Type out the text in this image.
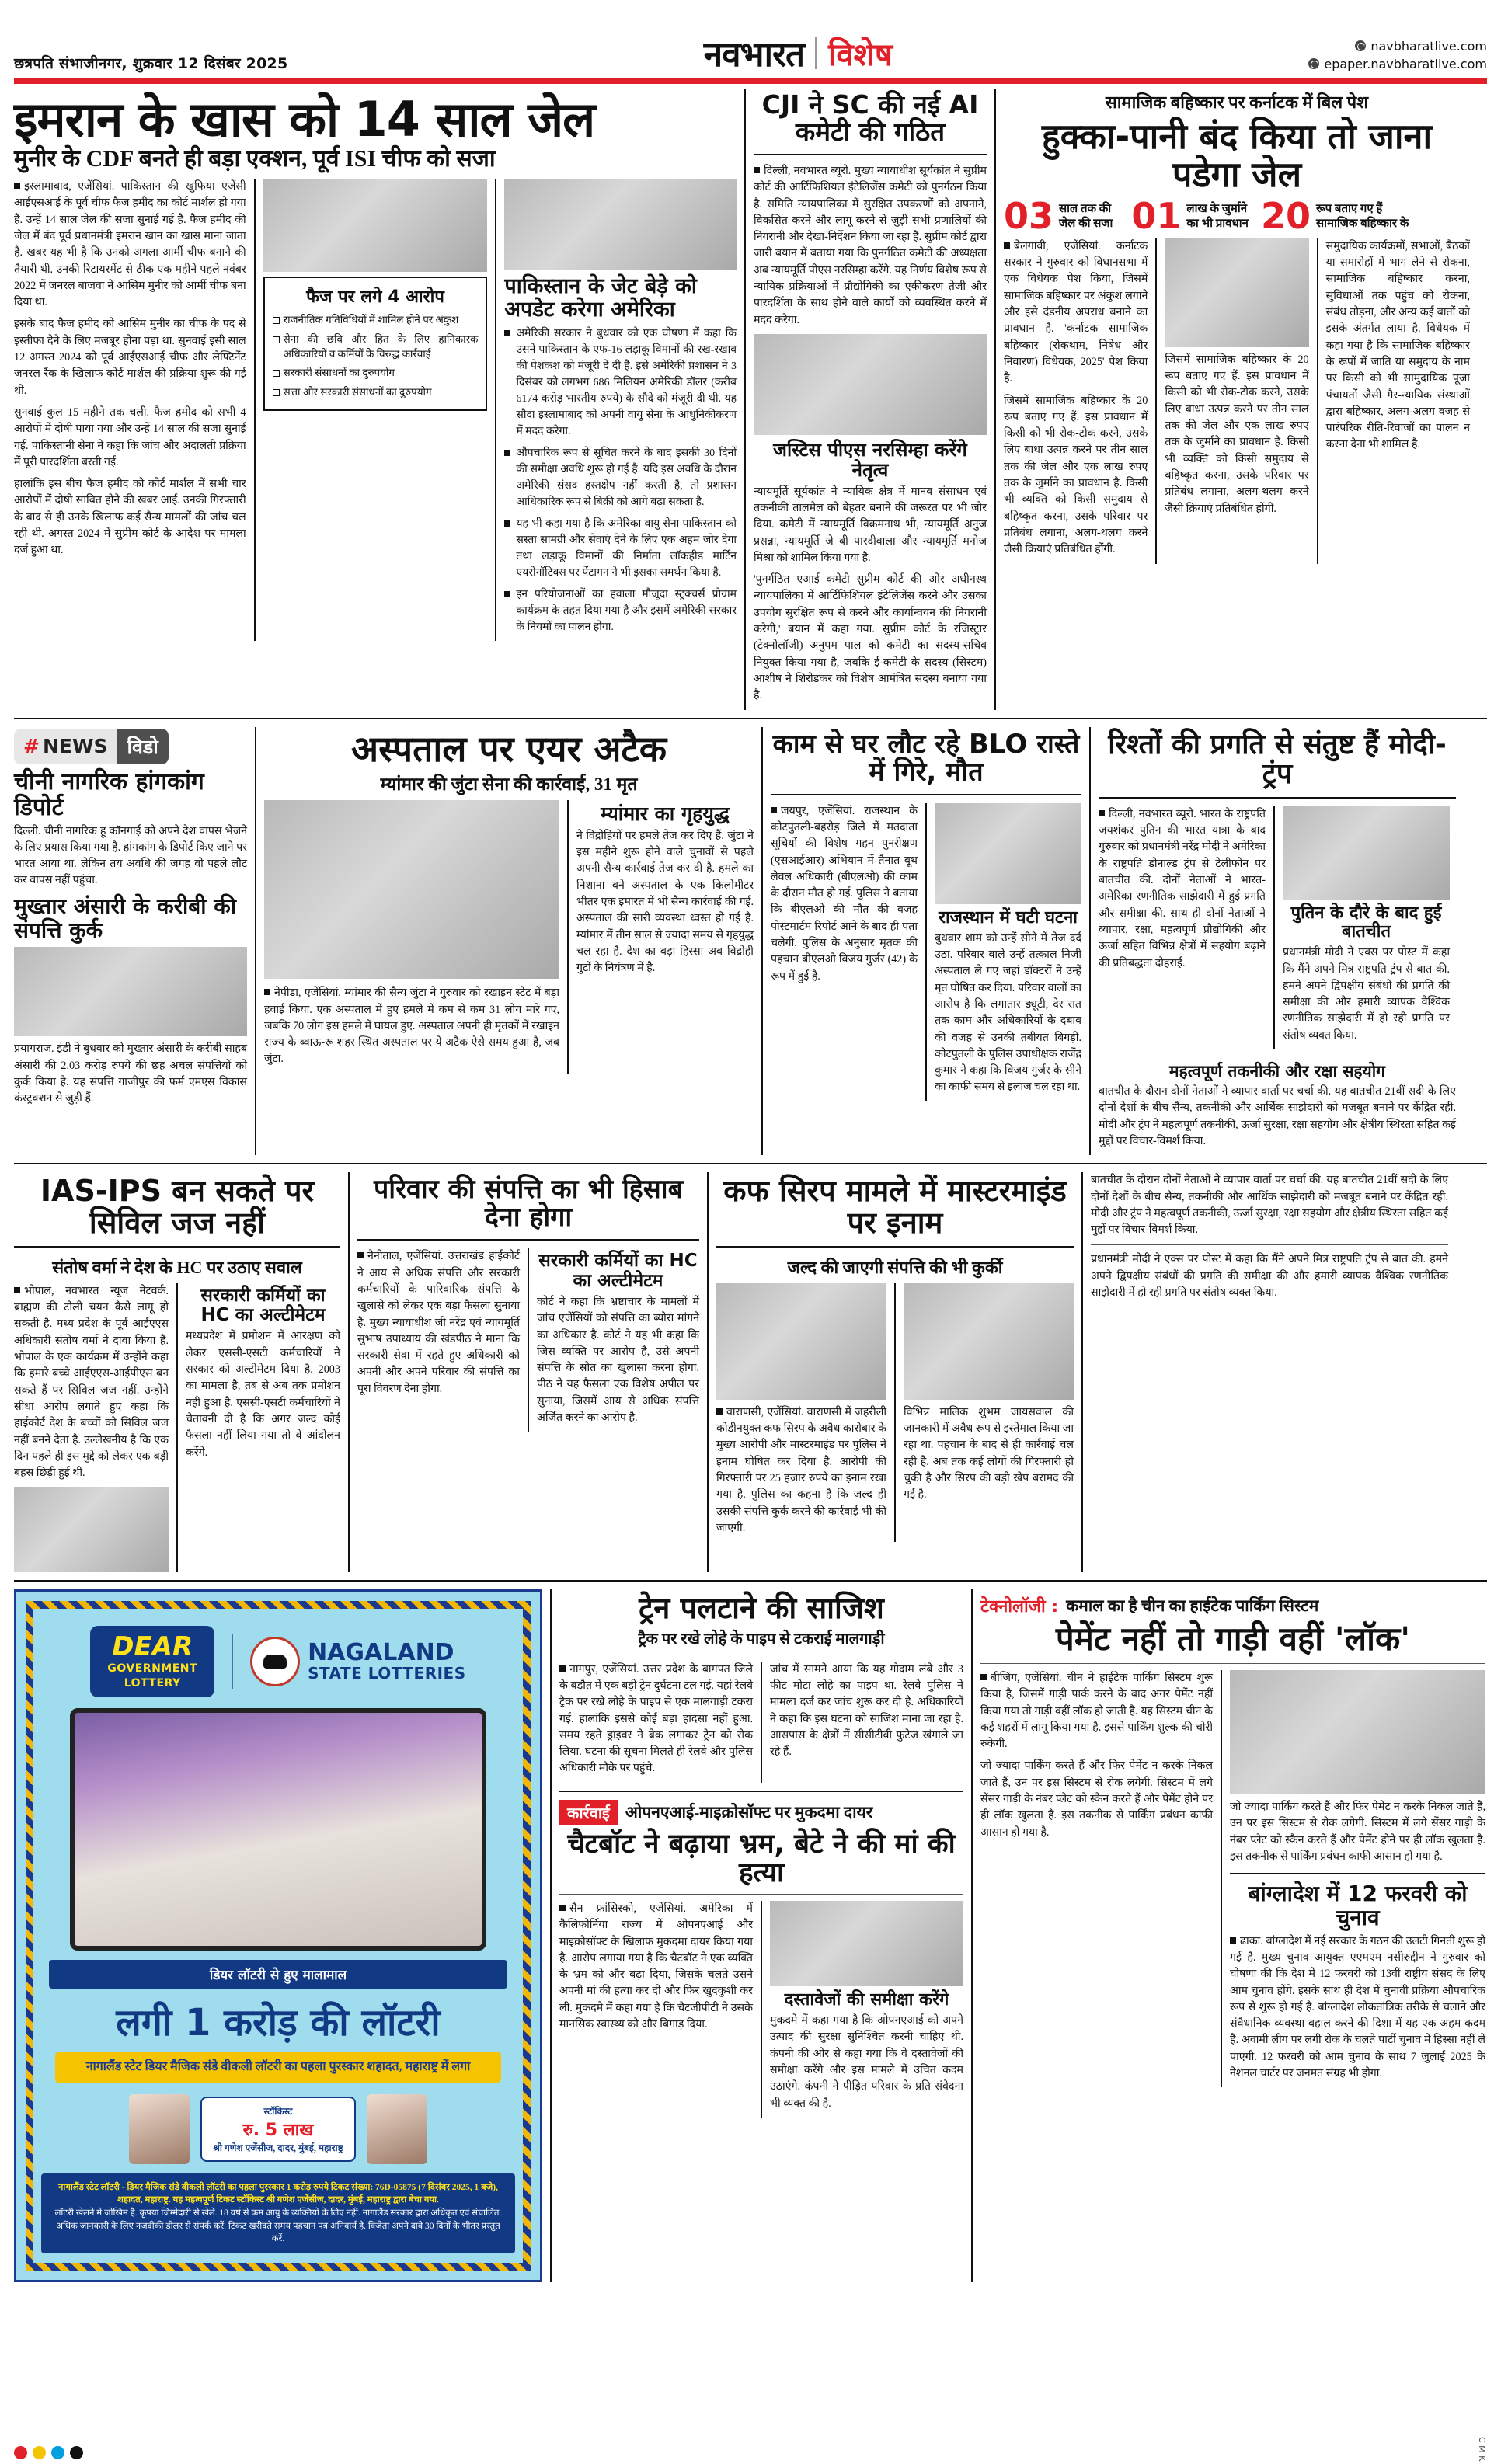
छत्रपति संभाजीनगर, शुक्रवार 12 दिसंबर 2025	नवभारत विशेष	navbharatlive.com
epaper.navbharatlive.com
इमरान के खास को 14 साल जेल
मुनीर के CDF बनते ही बड़ा एक्शन, पूर्व ISI चीफ को सजा

इस्लामाबाद, एजेंसियां. पाकिस्तान की खुफिया एजेंसी आईएसआई के पूर्व चीफ फैज हमीद का कोर्ट मार्शल हो गया है. उन्हें 14 साल जेल की सजा सुनाई गई है. फैज हमीद की जेल में बंद पूर्व प्रधानमंत्री इमरान खान का खास माना जाता है. खबर यह भी है कि उनको अगला आर्मी चीफ बनाने की तैयारी थी. उनकी रिटायरमेंट से ठीक एक महीने पहले नवंबर 2022 में जनरल बाजवा ने आसिम मुनीर को आर्मी चीफ बना दिया था.

इसके बाद फैज हमीद को आसिम मुनीर का चीफ के पद से इस्तीफा देने के लिए मजबूर होना पड़ा था. सुनवाई इसी साल 12 अगस्त 2024 को पूर्व आईएसआई चीफ और लेफ्टिनेंट जनरल रैंक के खिलाफ कोर्ट मार्शल की प्रक्रिया शुरू की गई थी.

सुनवाई कुल 15 महीने तक चली. फैज हमीद को सभी 4 आरोपों में दोषी पाया गया और उन्हें 14 साल की सजा सुनाई गई. पाकिस्तानी सेना ने कहा कि जांच और अदालती प्रक्रिया में पूरी पारदर्शिता बरती गई.

हालांकि इस बीच फैज हमीद को कोर्ट मार्शल में सभी चार आरोपों में दोषी साबित होने की खबर आई. उनकी गिरफ्तारी के बाद से ही उनके खिलाफ कई सैन्य मामलों की जांच चल रही थी. अगस्त 2024 में सुप्रीम कोर्ट के आदेश पर मामला दर्ज हुआ था.

फैज पर लगे 4 आरोप
राजनीतिक गतिविधियों में शामिल होने पर अंकुश
सेना की छवि और हित के लिए हानिकारक अधिकारियों व कर्मियों के विरुद्ध कार्रवाई
सरकारी संसाधनों का दुरुपयोग
सत्ता और सरकारी संसाधनों का दुरुपयोग
पाकिस्तान के जेट बेड़े को अपडेट करेगा अमेरिका
अमेरिकी सरकार ने बुधवार को एक घोषणा में कहा कि उसने पाकिस्तान के एफ-16 लड़ाकू विमानों की रख-रखाव की पेशकश को मंजूरी दे दी है. इसे अमेरिकी प्रशासन ने 3 दिसंबर को लगभग 686 मिलियन अमेरिकी डॉलर (करीब 6174 करोड़ भारतीय रुपये) के सौदे को मंजूरी दी थी. यह सौदा इस्लामाबाद को अपनी वायु सेना के आधुनिकीकरण में मदद करेगा.
औपचारिक रूप से सूचित करने के बाद इसकी 30 दिनों की समीक्षा अवधि शुरू हो गई है. यदि इस अवधि के दौरान अमेरिकी संसद हस्तक्षेप नहीं करती है, तो प्रशासन आधिकारिक रूप से बिक्री को आगे बढ़ा सकता है.
यह भी कहा गया है कि अमेरिका वायु सेना पाकिस्तान को सस्ता सामग्री और सेवाएं देने के लिए एक अहम जोर देगा तथा लड़ाकू विमानों की निर्माता लॉकहीड मार्टिन एयरोनॉटिक्स पर पेंटागन ने भी इसका समर्थन किया है.
इन परियोजनाओं का हवाला मौजूदा स्ट्रक्चर्स प्रोग्राम कार्यक्रम के तहत दिया गया है और इसमें अमेरिकी सरकार के नियमों का पालन होगा.
CJI ने SC की नई AI कमेटी की गठित

दिल्ली, नवभारत ब्यूरो. मुख्य न्यायाधीश सूर्यकांत ने सुप्रीम कोर्ट की आर्टिफिशियल इंटेलिजेंस कमेटी को पुनर्गठन किया है. समिति न्यायपालिका में सुरक्षित उपकरणों को अपनाने, विकसित करने और लागू करने से जुड़ी सभी प्रणालियों की निगरानी और देखा-निर्देशन किया जा रहा है. सुप्रीम कोर्ट द्वारा जारी बयान में बताया गया कि पुनर्गठित कमेटी की अध्यक्षता अब न्यायमूर्ति पीएस नरसिम्हा करेंगे. यह निर्णय विशेष रूप से न्यायिक प्रक्रियाओं में प्रौद्योगिकी का एकीकरण तेजी और पारदर्शिता के साथ होने वाले कार्यों को व्यवस्थित करने में मदद करेगा.

जस्टिस पीएस नरसिम्हा करेंगे नेतृत्व

न्यायमूर्ति सूर्यकांत ने न्यायिक क्षेत्र में मानव संसाधन एवं तकनीकी तालमेल को बेहतर बनाने की जरूरत पर भी जोर दिया. कमेटी में न्यायमूर्ति विक्रमनाथ भी, न्यायमूर्ति अनुज प्रसन्ना, न्यायमूर्ति जे बी पारदीवाला और न्यायमूर्ति मनोज मिश्रा को शामिल किया गया है.

'पुनर्गठित एआई कमेटी सुप्रीम कोर्ट की ओर अधीनस्थ न्यायपालिका में आर्टिफिशियल इंटेलिजेंस करने और उसका उपयोग सुरक्षित रूप से करने और कार्यान्वयन की निगरानी करेगी,' बयान में कहा गया. सुप्रीम कोर्ट के रजिस्ट्रार (टेक्नोलॉजी) अनुपम पाल को कमेटी का सदस्य-सचिव नियुक्त किया गया है, जबकि ई-कमेटी के सदस्य (सिस्टम) आशीष ने शिरोडकर को विशेष आमंत्रित सदस्य बनाया गया है.

सामाजिक बहिष्कार पर कर्नाटक में बिल पेश
हुक्का-पानी बंद किया तो जाना पडेगा जेल
03 साल तक की
जेल की सजा 01 लाख के जुर्माने
का भी प्रावधान 20 रूप बताए गए हैं
सामाजिक बहिष्कार के

बेलगावी, एजेंसियां. कर्नाटक सरकार ने गुरुवार को विधानसभा में एक विधेयक पेश किया, जिसमें सामाजिक बहिष्कार पर अंकुश लगाने और इसे दंडनीय अपराध बनाने का प्रावधान है. 'कर्नाटक सामाजिक बहिष्कार (रोकथाम, निषेध और निवारण) विधेयक, 2025' पेश किया है.

जिसमें सामाजिक बहिष्कार के 20 रूप बताए गए हैं. इस प्रावधान में किसी को भी रोक-टोक करने, उसके लिए बाधा उत्पन्न करने पर तीन साल तक की जेल और एक लाख रुपए तक के जुर्माने का प्रावधान है. किसी भी व्यक्ति को किसी समुदाय से बहिष्कृत करना, उसके परिवार पर प्रतिबंध लगाना, अलग-थलग करने जैसी क्रियाएं प्रतिबंधित होंगी.

जिसमें सामाजिक बहिष्कार के 20 रूप बताए गए हैं. इस प्रावधान में किसी को भी रोक-टोक करने, उसके लिए बाधा उत्पन्न करने पर तीन साल तक की जेल और एक लाख रुपए तक के जुर्माने का प्रावधान है. किसी भी व्यक्ति को किसी समुदाय से बहिष्कृत करना, उसके परिवार पर प्रतिबंध लगाना, अलग-थलग करने जैसी क्रियाएं प्रतिबंधित होंगी.

समुदायिक कार्यक्रमों, सभाओं, बैठकों या समारोहों में भाग लेने से रोकना, सामाजिक बहिष्कार करना, सुविधाओं तक पहुंच को रोकना, संबंध तोड़ना, और अन्य कई बातों को इसके अंतर्गत लाया है. विधेयक में कहा गया है कि सामाजिक बहिष्कार के रूपों में जाति या समुदाय के नाम पर किसी को भी सामुदायिक पूजा पंचायतों जैसी गैर-न्यायिक संस्थाओं द्वारा बहिष्कार, अलग-अलग वजह से पारंपरिक रीति-रिवाजों का पालन न करना देना भी शामिल है.

# NEWS	विडो
चीनी नागरिक हांगकांग डिपोर्ट

दिल्ली. चीनी नागरिक हू कॉनगाई को अपने देश वापस भेजने के लिए प्रयास किया गया है. हांगकांग के डिपोर्ट किए जाने पर भारत आया था. लेकिन तय अवधि की जगह वो पहले लौट कर वापस नहीं पहुंचा.

मुख्तार अंसारी के करीबी की संपत्ति कुर्क

प्रयागराज. इंडी ने बुधवार को मुख्तार अंसारी के करीबी साहब अंसारी की 2.03 करोड़ रुपये की छह अचल संपत्तियों को कुर्क किया है. यह संपत्ति गाजीपुर की फर्म एमएस विकास कंस्ट्रक्शन से जुड़ी हैं.

अस्पताल पर एयर अटैक
म्यांमार की जुंटा सेना की कार्रवाई, 31 मृत

नेपीडा, एजेंसियां. म्यांमार की सैन्य जुंटा ने गुरुवार को रखाइन स्टेट में बड़ा हवाई किया. एक अस्पताल में हुए हमले में कम से कम 31 लोग मारे गए, जबकि 70 लोग इस हमले में घायल हुए. अस्पताल अपनी ही मृतकों में रखाइन राज्य के ब्वाऊ-रू शहर स्थित अस्पताल पर ये अटैक ऐसे समय हुआ है, जब जुंटा.

म्यांमार का गृहयुद्ध

ने विद्रोहियों पर हमले तेज कर दिए हैं. जुंटा ने इस महीने शुरू होने वाले चुनावों से पहले अपनी सैन्य कार्रवाई तेज कर दी है. हमले का निशाना बने अस्पताल के एक किलोमीटर भीतर एक इमारत में भी सैन्य कार्रवाई की गई. अस्पताल की सारी व्यवस्था ध्वस्त हो गई है. म्यांमार में तीन साल से ज्यादा समय से गृहयुद्ध चल रहा है. देश का बड़ा हिस्सा अब विद्रोही गुटों के नियंत्रण में है.

काम से घर लौट रहे BLO रास्ते में गिरे, मौत

जयपुर, एजेंसियां. राजस्थान के कोटपुतली-बहरोड़ जिले में मतदाता सूचियों की विशेष गहन पुनरीक्षण (एसआईआर) अभियान में तैनात बूथ लेवल अधिकारी (बीएलओ) की काम के दौरान मौत हो गई. पुलिस ने बताया कि बीएलओ की मौत की वजह पोस्टमार्टम रिपोर्ट आने के बाद ही पता चलेगी. पुलिस के अनुसार मृतक की पहचान बीएलओ विजय गुर्जर (42) के रूप में हुई है.

राजस्थान में घटी घटना

बुधवार शाम को उन्हें सीने में तेज दर्द उठा. परिवार वाले उन्हें तत्काल निजी अस्पताल ले गए जहां डॉक्टरों ने उन्हें मृत घोषित कर दिया. परिवार वालों का आरोप है कि लगातार ड्यूटी, देर रात तक काम और अधिकारियों के दबाव की वजह से उनकी तबीयत बिगड़ी. कोटपुतली के पुलिस उपाधीक्षक राजेंद्र कुमार ने कहा कि विजय गुर्जर के सीने का काफी समय से इलाज चल रहा था.

रिश्तों की प्रगति से संतुष्ट हैं मोदी-ट्रंप

दिल्ली, नवभारत ब्यूरो. भारत के राष्ट्रपति जयशंकर पुतिन की भारत यात्रा के बाद गुरुवार को प्रधानमंत्री नरेंद्र मोदी ने अमेरिका के राष्ट्रपति डोनाल्ड ट्रंप से टेलीफोन पर बातचीत की. दोनों नेताओं ने भारत-अमेरिका रणनीतिक साझेदारी में हुई प्रगति और समीक्षा की. साथ ही दोनों नेताओं ने व्यापार, रक्षा, महत्वपूर्ण प्रौद्योगिकी और ऊर्जा सहित विभिन्न क्षेत्रों में सहयोग बढ़ाने की प्रतिबद्धता दोहराई.

पुतिन के दौरे के बाद हुई बातचीत

प्रधानमंत्री मोदी ने एक्स पर पोस्ट में कहा कि मैंने अपने मित्र राष्ट्रपति ट्रंप से बात की. हमने अपने द्विपक्षीय संबंधों की प्रगति की समीक्षा की और हमारी व्यापक वैश्विक रणनीतिक साझेदारी में हो रही प्रगति पर संतोष व्यक्त किया.

महत्वपूर्ण तकनीकी और रक्षा सहयोग

बातचीत के दौरान दोनों नेताओं ने व्यापार वार्ता पर चर्चा की. यह बातचीत 21वीं सदी के लिए दोनों देशों के बीच सैन्य, तकनीकी और आर्थिक साझेदारी को मजबूत बनाने पर केंद्रित रही. मोदी और ट्रंप ने महत्वपूर्ण तकनीकी, ऊर्जा सुरक्षा, रक्षा सहयोग और क्षेत्रीय स्थिरता सहित कई मुद्दों पर विचार-विमर्श किया.

IAS-IPS बन सकते पर सिविल जज नहीं
संतोष वर्मा ने देश के HC पर उठाए सवाल

भोपाल, नवभारत न्यूज नेटवर्क. ब्राह्मण की टोली चयन कैसे लागू हो सकती है. मध्य प्रदेश के पूर्व आईएएस अधिकारी संतोष वर्मा ने दावा किया है. भोपाल के एक कार्यक्रम में उन्होंने कहा कि हमारे बच्चे आईएएस-आईपीएस बन सकते हैं पर सिविल जज नहीं. उन्होंने सीधा आरोप लगाते हुए कहा कि हाईकोर्ट देश के बच्चों को सिविल जज नहीं बनने देता है. उल्लेखनीय है कि एक दिन पहले ही इस मुद्दे को लेकर एक बड़ी बहस छिड़ी हुई थी.

सरकारी कर्मियों का HC का अल्टीमेटम

मध्यप्रदेश में प्रमोशन में आरक्षण को लेकर एससी-एसटी कर्मचारियों ने सरकार को अल्टीमेटम दिया है. 2003 का मामला है, तब से अब तक प्रमोशन नहीं हुआ है. एससी-एसटी कर्मचारियों ने चेतावनी दी है कि अगर जल्द कोई फैसला नहीं लिया गया तो वे आंदोलन करेंगे.

परिवार की संपत्ति का भी हिसाब देना होगा

नैनीताल, एजेंसियां. उत्तराखंड हाईकोर्ट ने आय से अधिक संपत्ति और सरकारी कर्मचारियों के पारिवारिक संपत्ति के खुलासे को लेकर एक बड़ा फैसला सुनाया है. मुख्य न्यायाधीश जी नरेंद्र एवं न्यायमूर्ति सुभाष उपाध्याय की खंडपीठ ने माना कि सरकारी सेवा में रहते हुए अधिकारी को अपनी और अपने परिवार की संपत्ति का पूरा विवरण देना होगा.

सरकारी कर्मियों का HC का अल्टीमेटम

कोर्ट ने कहा कि भ्रष्टाचार के मामलों में जांच एजेंसियों को संपत्ति का ब्योरा मांगने का अधिकार है. कोर्ट ने यह भी कहा कि जिस व्यक्ति पर आरोप है, उसे अपनी संपत्ति के स्रोत का खुलासा करना होगा. पीठ ने यह फैसला एक विशेष अपील पर सुनाया, जिसमें आय से अधिक संपत्ति अर्जित करने का आरोप है.

कफ सिरप मामले में मास्टरमाइंड पर इनाम
जल्द की जाएगी संपत्ति की भी कुर्की

वाराणसी, एजेंसियां. वाराणसी में जहरीली कोडीनयुक्त कफ सिरप के अवैध कारोबार के मुख्य आरोपी और मास्टरमाइंड पर पुलिस ने इनाम घोषित कर दिया है. आरोपी की गिरफ्तारी पर 25 हजार रुपये का इनाम रखा गया है. पुलिस का कहना है कि जल्द ही उसकी संपत्ति कुर्क करने की कार्रवाई भी की जाएगी.

विभिन्न मालिक शुभम जायसवाल की जानकारी में अवैध रूप से इस्तेमाल किया जा रहा था. पहचान के बाद से ही कार्रवाई चल रही है. अब तक कई लोगों की गिरफ्तारी हो चुकी है और सिरप की बड़ी खेप बरामद की गई है.

बातचीत के दौरान दोनों नेताओं ने व्यापार वार्ता पर चर्चा की. यह बातचीत 21वीं सदी के लिए दोनों देशों के बीच सैन्य, तकनीकी और आर्थिक साझेदारी को मजबूत बनाने पर केंद्रित रही. मोदी और ट्रंप ने महत्वपूर्ण तकनीकी, ऊर्जा सुरक्षा, रक्षा सहयोग और क्षेत्रीय स्थिरता सहित कई मुद्दों पर विचार-विमर्श किया.

प्रधानमंत्री मोदी ने एक्स पर पोस्ट में कहा कि मैंने अपने मित्र राष्ट्रपति ट्रंप से बात की. हमने अपने द्विपक्षीय संबंधों की प्रगति की समीक्षा की और हमारी व्यापक वैश्विक रणनीतिक साझेदारी में हो रही प्रगति पर संतोष व्यक्त किया.

DEAR
GOVERNMENT
LOTTERY
NAGALAND
STATE LOTTERIES
डियर लॉटरी से हुए मालामाल
लगी 1 करोड़ की लॉटरी
नागालैंड स्टेट डियर मैजिक संडे वीकली लॉटरी का पहला पुरस्कार शहादत, महाराष्ट्र में लगा
स्टॉकिस्ट
रु. 5 लाख
श्री गणेश एजेंसीज, दादर, मुंबई, महाराष्ट्र
नागालैंड स्टेट लॉटरी - डियर मैजिक संडे वीकली लॉटरी का पहला पुरस्कार 1 करोड़ रुपये टिकट संख्या: 76D-05875 (7 दिसंबर 2025, 1 बजे), शहादत, महाराष्ट्र. यह महत्वपूर्ण टिकट स्टॉकिस्ट श्री गणेश एजेंसीज, दादर, मुंबई, महाराष्ट्र द्वारा बेचा गया.
लॉटरी खेलने में जोखिम है. कृपया जिम्मेदारी से खेलें. 18 वर्ष से कम आयु के व्यक्तियों के लिए नहीं. नागालैंड सरकार द्वारा अधिकृत एवं संचालित. अधिक जानकारी के लिए नजदीकी डीलर से संपर्क करें. टिकट खरीदते समय पहचान पत्र अनिवार्य है. विजेता अपने दावे 30 दिनों के भीतर प्रस्तुत करें.
ट्रेन पलटाने की साजिश
ट्रैक पर रखे लोहे के पाइप से टकराई मालगाड़ी

नागपुर, एजेंसियां. उत्तर प्रदेश के बागपत जिले के बड़ौत में एक बड़ी ट्रेन दुर्घटना टल गई. यहां रेलवे ट्रैक पर रखे लोहे के पाइप से एक मालगाड़ी टकरा गई. हालांकि इससे कोई बड़ा हादसा नहीं हुआ. समय रहते ड्राइवर ने ब्रेक लगाकर ट्रेन को रोक लिया. घटना की सूचना मिलते ही रेलवे और पुलिस अधिकारी मौके पर पहुंचे.

जांच में सामने आया कि यह गोदाम लंबे और 3 फीट मोटा लोहे का पाइप था. रेलवे पुलिस ने मामला दर्ज कर जांच शुरू कर दी है. अधिकारियों ने कहा कि इस घटना को साजिश माना जा रहा है. आसपास के क्षेत्रों में सीसीटीवी फुटेज खंगाले जा रहे हैं.

कार्रवाई ओपनएआई-माइक्रोसॉफ्ट पर मुकदमा दायर
चैटबॉट ने बढ़ाया भ्रम, बेटे ने की मां की हत्या

सैन फ्रांसिस्को, एजेंसियां. अमेरिका में कैलिफोर्निया राज्य में ओपनएआई और माइक्रोसॉफ्ट के खिलाफ मुकदमा दायर किया गया है. आरोप लगाया गया है कि चैटबॉट ने एक व्यक्ति के भ्रम को और बढ़ा दिया, जिसके चलते उसने अपनी मां की हत्या कर दी और फिर खुदकुशी कर ली. मुकदमे में कहा गया है कि चैटजीपीटी ने उसके मानसिक स्वास्थ्य को और बिगाड़ दिया.

दस्तावेजों की समीक्षा करेंगे

मुकदमे में कहा गया है कि ओपनएआई को अपने उत्पाद की सुरक्षा सुनिश्चित करनी चाहिए थी. कंपनी की ओर से कहा गया कि वे दस्तावेजों की समीक्षा करेंगे और इस मामले में उचित कदम उठाएंगे. कंपनी ने पीड़ित परिवार के प्रति संवेदना भी व्यक्त की है.

टेक्नोलॉजी : कमाल का है चीन का हाईटेक पार्किंग सिस्टम
पेमेंट नहीं तो गाड़ी वहीं 'लॉक'

बीजिंग, एजेंसियां. चीन ने हाईटेक पार्किंग सिस्टम शुरू किया है, जिसमें गाड़ी पार्क करने के बाद अगर पेमेंट नहीं किया गया तो गाड़ी वहीं लॉक हो जाती है. यह सिस्टम चीन के कई शहरों में लागू किया गया है. इससे पार्किंग शुल्क की चोरी रुकेगी.

जो ज्यादा पार्किंग करते हैं और फिर पेमेंट न करके निकल जाते हैं, उन पर इस सिस्टम से रोक लगेगी. सिस्टम में लगे सेंसर गाड़ी के नंबर प्लेट को स्कैन करते हैं और पेमेंट होने पर ही लॉक खुलता है. इस तकनीक से पार्किंग प्रबंधन काफी आसान हो गया है.

जो ज्यादा पार्किंग करते हैं और फिर पेमेंट न करके निकल जाते हैं, उन पर इस सिस्टम से रोक लगेगी. सिस्टम में लगे सेंसर गाड़ी के नंबर प्लेट को स्कैन करते हैं और पेमेंट होने पर ही लॉक खुलता है. इस तकनीक से पार्किंग प्रबंधन काफी आसान हो गया है.

बांग्लादेश में 12 फरवरी को चुनाव

ढाका. बांग्लादेश में नई सरकार के गठन की उलटी गिनती शुरू हो गई है. मुख्य चुनाव आयुक्त एएमएम नसीरुद्दीन ने गुरुवार को घोषणा की कि देश में 12 फरवरी को 13वीं राष्ट्रीय संसद के लिए आम चुनाव होंगे. इसके साथ ही देश में चुनावी प्रक्रिया औपचारिक रूप से शुरू हो गई है. बांग्लादेश लोकतांत्रिक तरीके से चलाने और संवैधानिक व्यवस्था बहाल करने की दिशा में यह एक अहम कदम है. अवामी लीग पर लगी रोक के चलते पार्टी चुनाव में हिस्सा नहीं ले पाएगी. 12 फरवरी को आम चुनाव के साथ 7 जुलाई 2025 के नेशनल चार्टर पर जनमत संग्रह भी होगा.

C M K
